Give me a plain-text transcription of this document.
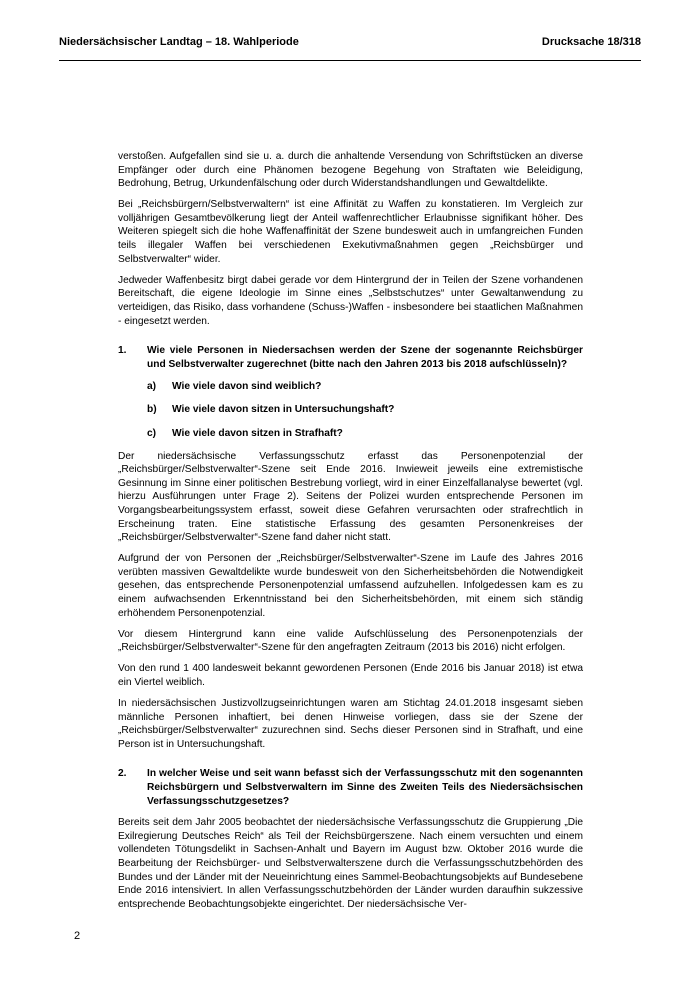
Niedersächsischer Landtag – 18. Wahlperiode	Drucksache 18/318

verstoßen. Aufgefallen sind sie u. a. durch die anhaltende Versendung von Schriftstücken an diverse Empfänger oder durch eine Phänomen bezogene Begehung von Straftaten wie Beleidigung, Bedrohung, Betrug, Urkundenfälschung oder durch Widerstandshandlungen und Gewaltdelikte.

Bei „Reichsbürgern/Selbstverwaltern“ ist eine Affinität zu Waffen zu konstatieren. Im Vergleich zur volljährigen Gesamtbevölkerung liegt der Anteil waffenrechtlicher Erlaubnisse signifikant höher. Des Weiteren spiegelt sich die hohe Waffenaffinität der Szene bundesweit auch in umfangreichen Funden teils illegaler Waffen bei verschiedenen Exekutivmaßnahmen gegen „Reichsbürger und Selbstverwalter“ wider.

Jedweder Waffenbesitz birgt dabei gerade vor dem Hintergrund der in Teilen der Szene vorhandenen Bereitschaft, die eigene Ideologie im Sinne eines „Selbstschutzes“ unter Gewaltanwendung zu verteidigen, das Risiko, dass vorhandene (Schuss-)Waffen - insbesondere bei staatlichen Maßnahmen - eingesetzt werden.

1.	Wie viele Personen in Niedersachsen werden der Szene der sogenannte Reichsbürger und Selbstverwalter zugerechnet (bitte nach den Jahren 2013 bis 2018 aufschlüsseln)?
a)	Wie viele davon sind weiblich?
b)	Wie viele davon sitzen in Untersuchungshaft?
c)	Wie viele davon sitzen in Strafhaft?

Der niedersächsische Verfassungsschutz erfasst das Personenpotenzial der „Reichsbürger/Selbstverwalter“-Szene seit Ende 2016. Inwieweit jeweils eine extremistische Gesinnung im Sinne einer politischen Bestrebung vorliegt, wird in einer Einzelfallanalyse bewertet (vgl. hierzu Ausführungen unter Frage 2). Seitens der Polizei wurden entsprechende Personen im Vorgangsbearbeitungssystem erfasst, soweit diese Gefahren verursachten oder strafrechtlich in Erscheinung traten. Eine statistische Erfassung des gesamten Personenkreises der „Reichsbürger/Selbstverwalter“-Szene fand daher nicht statt.

Aufgrund der von Personen der „Reichsbürger/Selbstverwalter“-Szene im Laufe des Jahres 2016 verübten massiven Gewaltdelikte wurde bundesweit von den Sicherheitsbehörden die Notwendigkeit gesehen, das entsprechende Personenpotenzial umfassend aufzuhellen. Infolgedessen kam es zu einem aufwachsenden Erkenntnisstand bei den Sicherheitsbehörden, mit einem sich ständig erhöhendem Personenpotenzial.

Vor diesem Hintergrund kann eine valide Aufschlüsselung des Personenpotenzials der „Reichsbürger/Selbstverwalter“-Szene für den angefragten Zeitraum (2013 bis 2016) nicht erfolgen.

Von den rund 1 400 landesweit bekannt gewordenen Personen (Ende 2016 bis Januar 2018) ist etwa ein Viertel weiblich.

In niedersächsischen Justizvollzugseinrichtungen waren am Stichtag 24.01.2018 insgesamt sieben männliche Personen inhaftiert, bei denen Hinweise vorliegen, dass sie der Szene der „Reichsbürger/Selbstverwalter“ zuzurechnen sind. Sechs dieser Personen sind in Strafhaft, und eine Person ist in Untersuchungshaft.

2.	In welcher Weise und seit wann befasst sich der Verfassungsschutz mit den sogenannten Reichsbürgern und Selbstverwaltern im Sinne des Zweiten Teils des Niedersächsischen Verfassungsschutzgesetzes?

Bereits seit dem Jahr 2005 beobachtet der niedersächsische Verfassungsschutz die Gruppierung „Die Exilregierung Deutsches Reich“ als Teil der Reichsbürgerszene. Nach einem versuchten und einem vollendeten Tötungsdelikt in Sachsen-Anhalt und Bayern im August bzw. Oktober 2016 wurde die Bearbeitung der Reichsbürger- und Selbstverwalterszene durch die Verfassungsschutzbehörden des Bundes und der Länder mit der Neueinrichtung eines Sammel-Beobachtungsobjekts auf Bundesebene Ende 2016 intensiviert. In allen Verfassungsschutzbehörden der Länder wurden daraufhin sukzessive entsprechende Beobachtungsobjekte eingerichtet. Der niedersächsische Ver-

2
